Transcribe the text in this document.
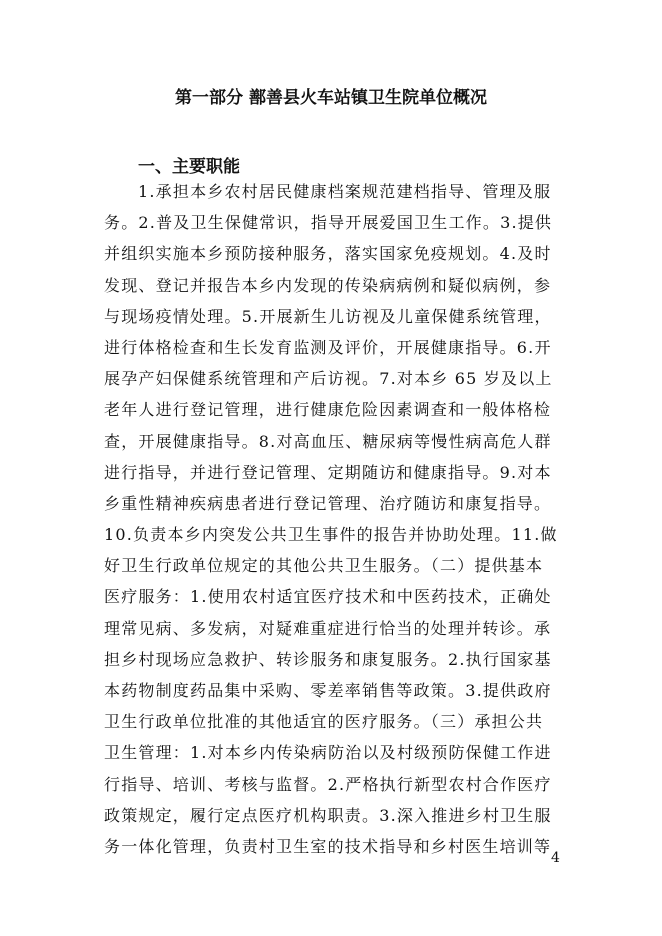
第一部分 鄯善县火车站镇卫生院单位概况
一、主要职能
1.承担本乡农村居民健康档案规范建档指导、管理及服
务。2.普及卫生保健常识，指导开展爱国卫生工作。3.提供
并组织实施本乡预防接种服务，落实国家免疫规划。4.及时
发现、登记并报告本乡内发现的传染病病例和疑似病例，参
与现场疫情处理。5.开展新生儿访视及儿童保健系统管理，
进行体格检查和生长发育监测及评价，开展健康指导。6.开
展孕产妇保健系统管理和产后访视。7.对本乡 65 岁及以上
老年人进行登记管理，进行健康危险因素调查和一般体格检
查，开展健康指导。8.对高血压、糖尿病等慢性病高危人群
进行指导，并进行登记管理、定期随访和健康指导。9.对本
乡重性精神疾病患者进行登记管理、治疗随访和康复指导。
10.负责本乡内突发公共卫生事件的报告并协助处理。11.做
好卫生行政单位规定的其他公共卫生服务。（二）提供基本
医疗服务：1.使用农村适宜医疗技术和中医药技术，正确处
理常见病、多发病，对疑难重症进行恰当的处理并转诊。承
担乡村现场应急救护、转诊服务和康复服务。2.执行国家基
本药物制度药品集中采购、零差率销售等政策。3.提供政府
卫生行政单位批准的其他适宜的医疗服务。（三）承担公共
卫生管理：1.对本乡内传染病防治以及村级预防保健工作进
行指导、培训、考核与监督。2.严格执行新型农村合作医疗
政策规定，履行定点医疗机构职责。3.深入推进乡村卫生服
务一体化管理，负责村卫生室的技术指导和乡村医生培训等
4
